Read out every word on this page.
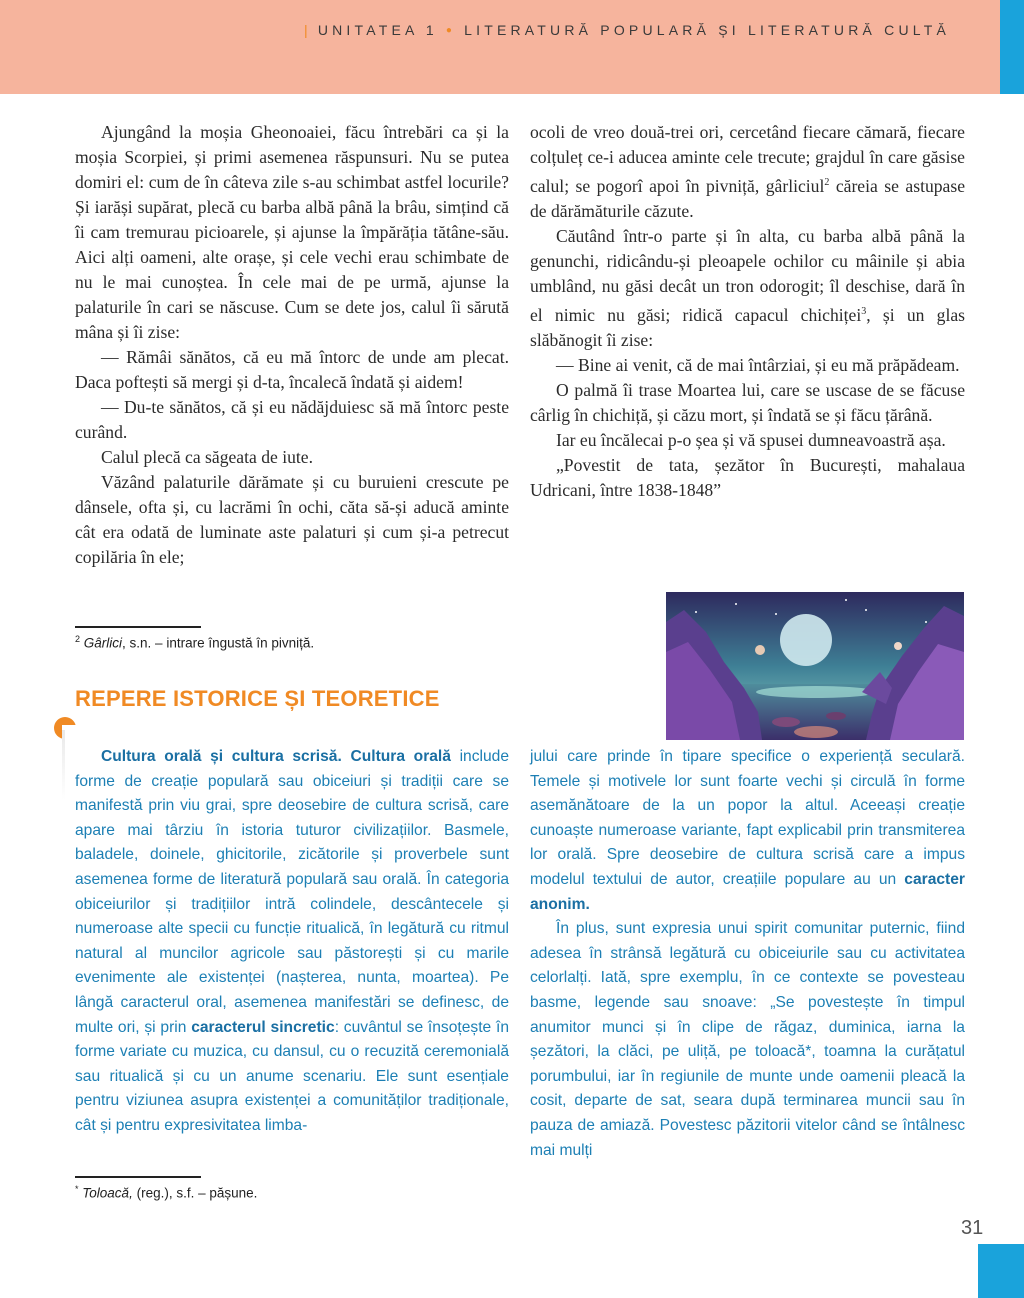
| UNITATEA 1 ● LITERATURĂ POPULARĂ ȘI LITERATURĂ CULTĂ

Ajungând la moșia Gheonoaiei, făcu întrebări ca și la moșia Scorpiei, și primi asemenea răspunsuri. Nu se putea domiri el: cum de în câteva zile s-au schimbat astfel locurile? Și iarăși supărat, plecă cu barba albă până la brâu, simțind că îi cam tremurau picioarele, și ajunse la împărăția tătâne-său. Aici alți oameni, alte orașe, și cele vechi erau schimbate de nu le mai cunoștea. În cele mai de pe urmă, ajunse la palaturile în cari se născuse. Cum se dete jos, calul îi sărută mâna și îi zise:

— Rămâi sănătos, că eu mă întorc de unde am plecat. Daca poftești să mergi și d-ta, încalecă îndată și aidem!

— Du-te sănătos, că și eu nădăjduiesc să mă întorc peste curând.

Calul plecă ca săgeata de iute.

Văzând palaturile dărămate și cu buruieni crescute pe dânsele, ofta și, cu lacrămi în ochi, căta să-și aducă aminte cât era odată de luminate aste palaturi și cum și-a petrecut copilăria în ele;

ocoli de vreo două-trei ori, cercetând fiecare cămară, fiecare colțuleț ce-i aducea aminte cele trecute; grajdul în care găsise calul; se pogorî apoi în pivniță, gârliciul$^2$ căreia se astupase de dărămăturile căzute.

Căutând într-o parte și în alta, cu barba albă până la genunchi, ridicându-și pleoapele ochilor cu mâinile și abia umblând, nu găsi decât un tron odorogit; îl deschise, dară în el nimic nu găsi; ridică capacul chichiței$^3$, și un glas slăbănogit îi zise:

— Bine ai venit, că de mai întârziai, și eu mă prăpădeam.

O palmă îi trase Moartea lui, care se uscase de se făcuse cârlig în chichiță, și căzu mort, și îndată se și făcu țărână.

Iar eu încălecai p-o șea și vă spusei dumneavoastră așa.

„Povestit de tata, șezător în București, mahalaua Udricani, între 1838-1848”

$^2$ Gârlici, s.n. – intrare îngustă în pivniță.
REPERE ISTORICE ȘI TEORETICE

Cultura orală și cultura scrisă. Cultura orală include forme de creație populară sau obiceiuri și tradiții care se manifestă prin viu grai, spre deosebire de cultura scrisă, care apare mai târziu în istoria tuturor civilizațiilor. Basmele, baladele, doinele, ghicitorile, zicătorile și proverbele sunt asemenea forme de literatură populară sau orală. În categoria obiceiurilor și tradițiilor intră colindele, descântecele și numeroase alte specii cu funcție ritualică, în legătură cu ritmul natural al muncilor agricole sau păstorești și cu marile evenimente ale existenței (nașterea, nunta, moartea). Pe lângă caracterul oral, asemenea manifestări se definesc, de multe ori, și prin caracterul sincretic: cuvântul se însoțește în forme variate cu muzica, cu dansul, cu o recuzită ceremonială sau ritualică și cu un anume scenariu. Ele sunt esențiale pentru viziunea asupra existenței a comunităților tradiționale, cât și pentru expresivitatea limba-

jului care prinde în tipare specifice o experiență seculară. Temele și motivele lor sunt foarte vechi și circulă în forme asemănătoare de la un popor la altul. Aceeași creație cunoaște numeroase variante, fapt explicabil prin transmiterea lor orală. Spre deosebire de cultura scrisă care a impus modelul textului de autor, creațiile populare au un caracter anonim.

În plus, sunt expresia unui spirit comunitar puternic, fiind adesea în strânsă legătură cu obiceiurile sau cu activitatea celorlalți. Iată, spre exemplu, în ce contexte se povesteau basme, legende sau snoave: „Se povestește în timpul anumitor munci și în clipe de răgaz, duminica, iarna la șezători, la clăci, pe uliță, pe toloacă*, toamna la curățatul porumbului, iar în regiunile de munte unde oamenii pleacă la cosit, departe de sat, seara după terminarea muncii sau în pauza de amiază. Povestesc păzitorii vitelor când se întâlnesc mai mulți

* Toloacă, (reg.), s.f. – pășune.
31
